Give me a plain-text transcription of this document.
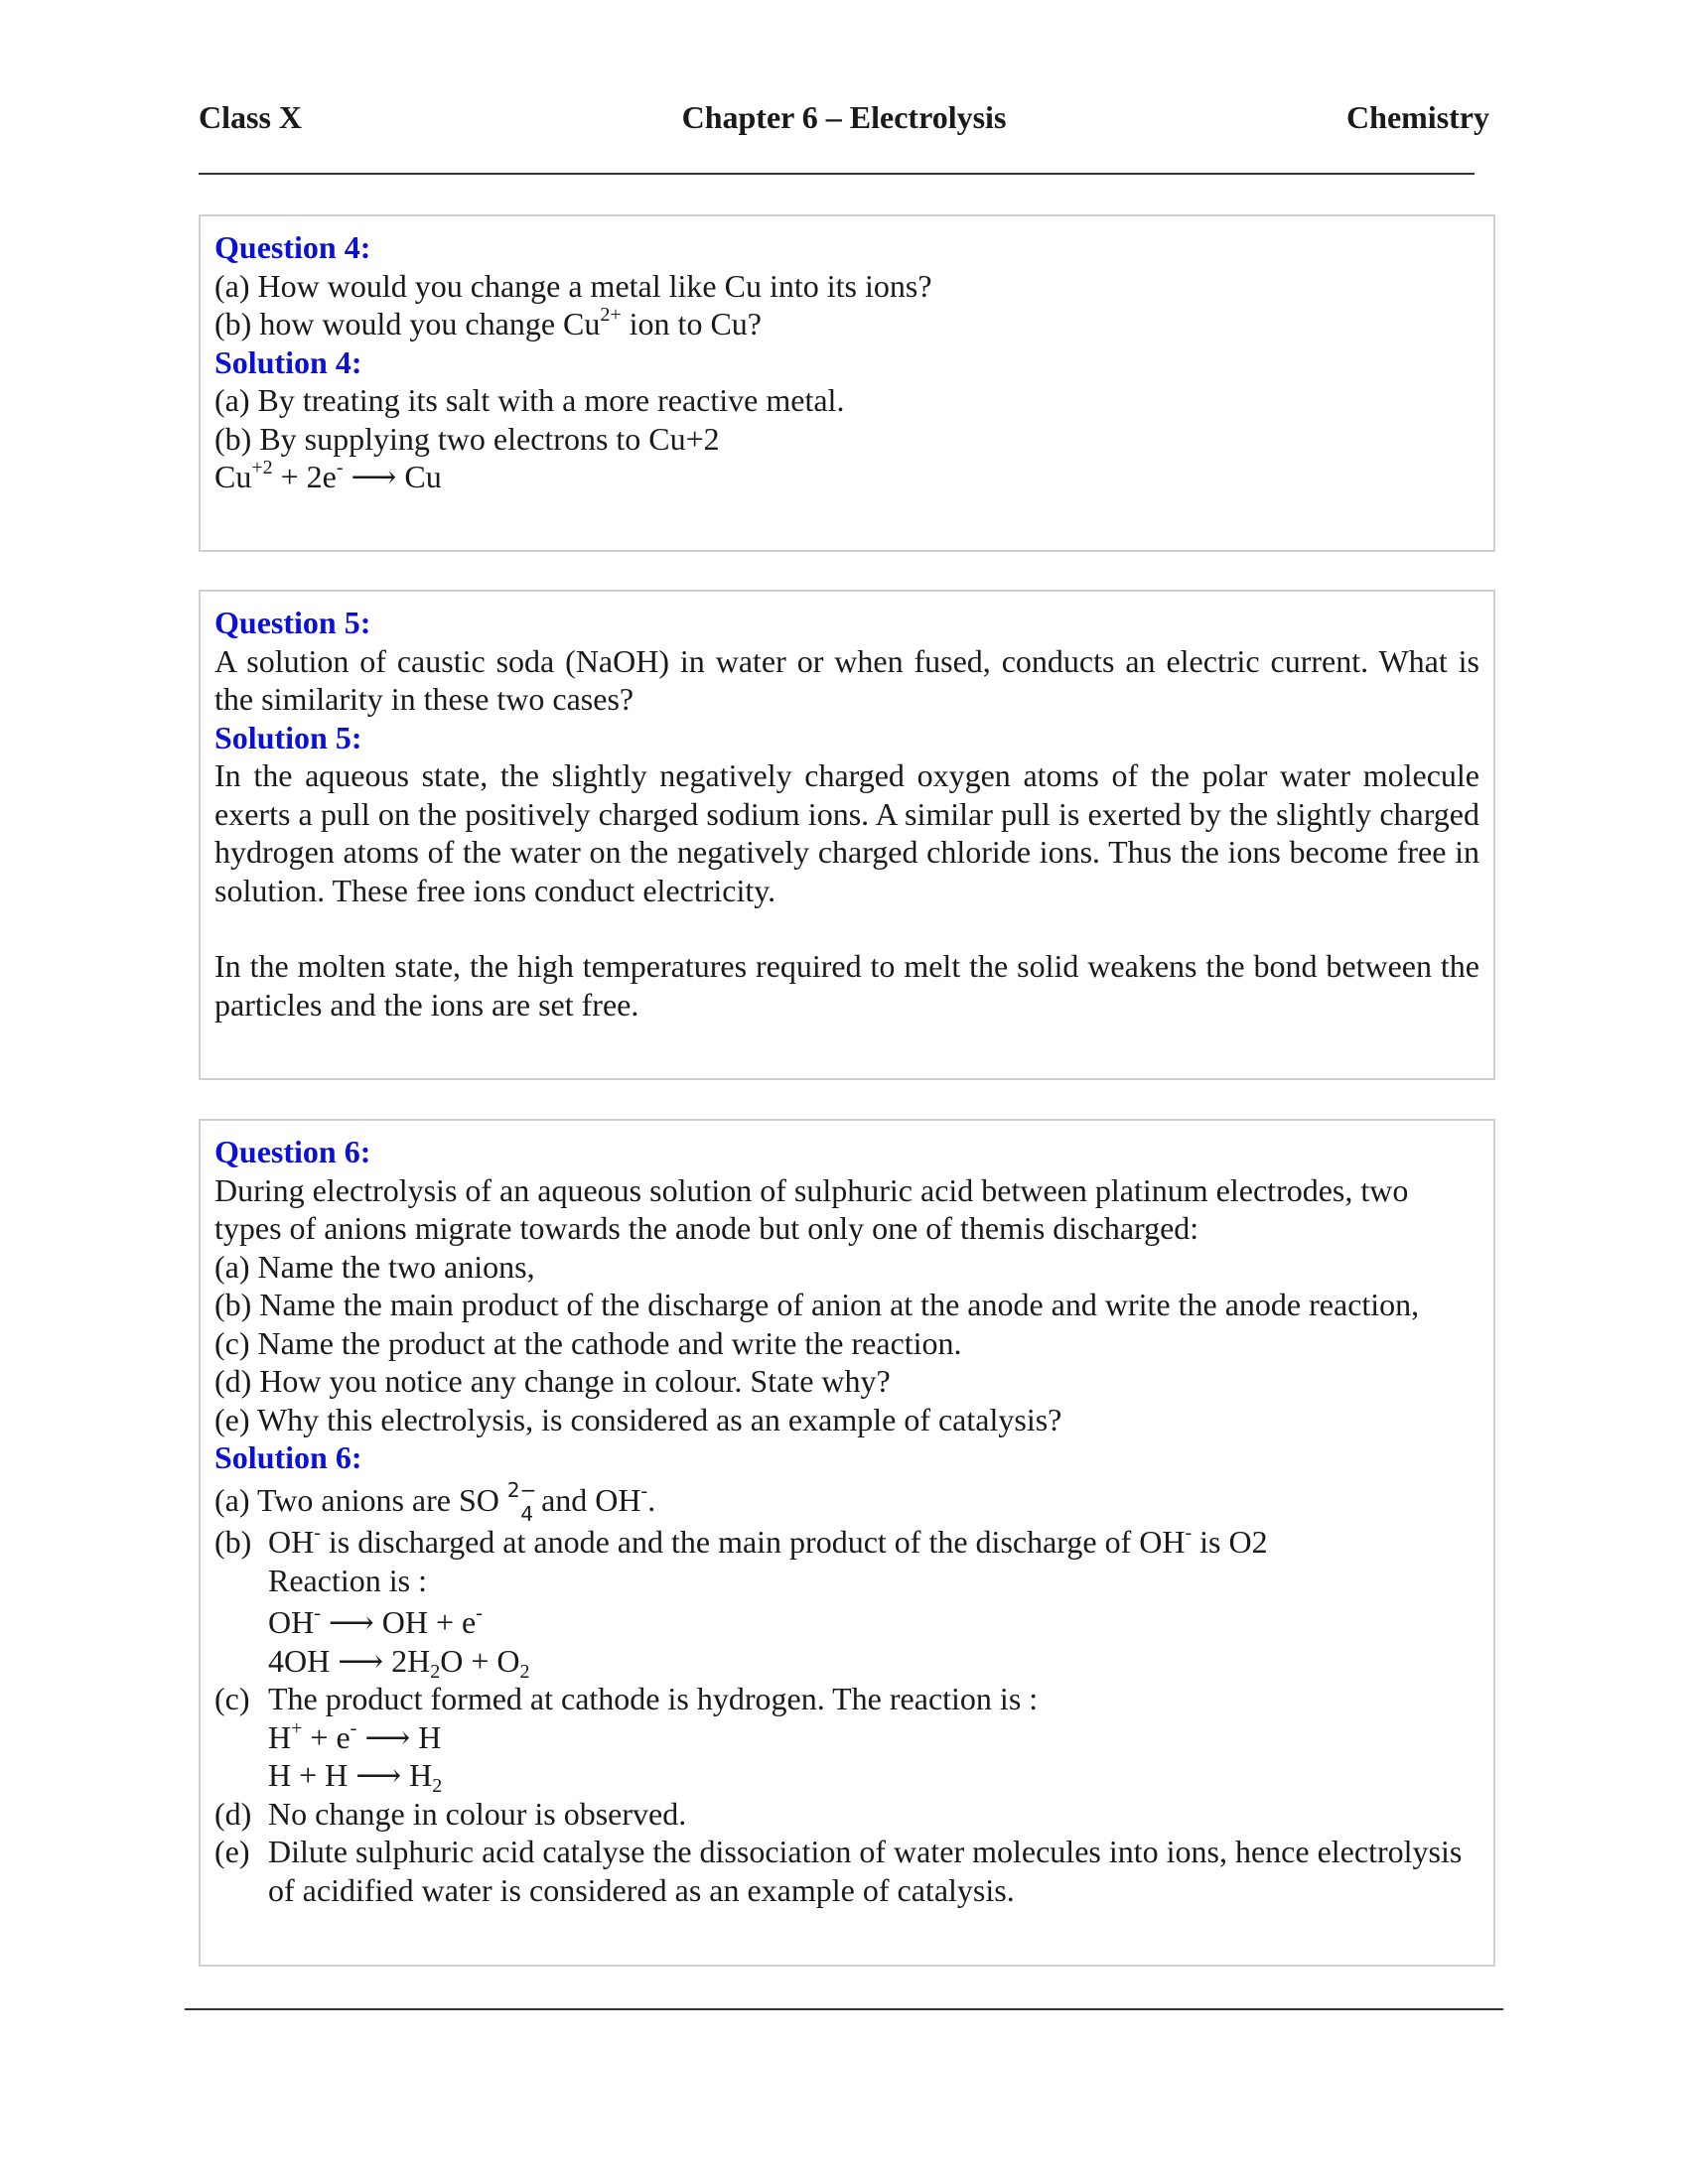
Class X	Chapter 6 – Electrolysis	Chemistry
Question 4:
(a) How would you change a metal like Cu into its ions?
(b) how would you change $Cu^{2+}$ ion to Cu?
Solution 4:
(a) By treating its salt with a more reactive metal.
(b) By supplying two electrons to Cu+2
$Cu^{+2} + 2e^-$ ⟶ Cu
Question 5:
A solution of caustic soda (NaOH) in water or when fused, conducts an electric current. What is the similarity in these two cases?
Solution 5:
In the aqueous state, the slightly negatively charged oxygen atoms of the polar water molecule exerts a pull on the positively charged sodium ions. A similar pull is exerted by the slightly charged hydrogen atoms of the water on the negatively charged chloride ions. Thus the ions become free in solution. These free ions conduct electricity.
In the molten state, the high temperatures required to melt the solid weakens the bond between the particles and the ions are set free.
Question 6:
During electrolysis of an aqueous solution of sulphuric acid between platinum electrodes, two types of anions migrate towards the anode but only one of themis discharged:
(a) Name the two anions,
(b) Name the main product of the discharge of anion at the anode and write the anode reaction,
(c) Name the product at the cathode and write the reaction.
(d) How you notice any change in colour. State why?
(e) Why this electrolysis, is considered as an example of catalysis?
Solution 6:
(a) Two anions are SO $^{2-}_4$ and OH-.
(b) OH- is discharged at anode and the main product of the discharge of OH- is O2
Reaction is :
OH- ⟶ OH + e-
4OH ⟶ $2H_2O + O_2$
(c) The product formed at cathode is hydrogen. The reaction is :
H+ + e- ⟶ H
H + H ⟶ $H_2$
(d) No change in colour is observed.
(e) Dilute sulphuric acid catalyse the dissociation of water molecules into ions, hence electrolysis of acidified water is considered as an example of catalysis.
